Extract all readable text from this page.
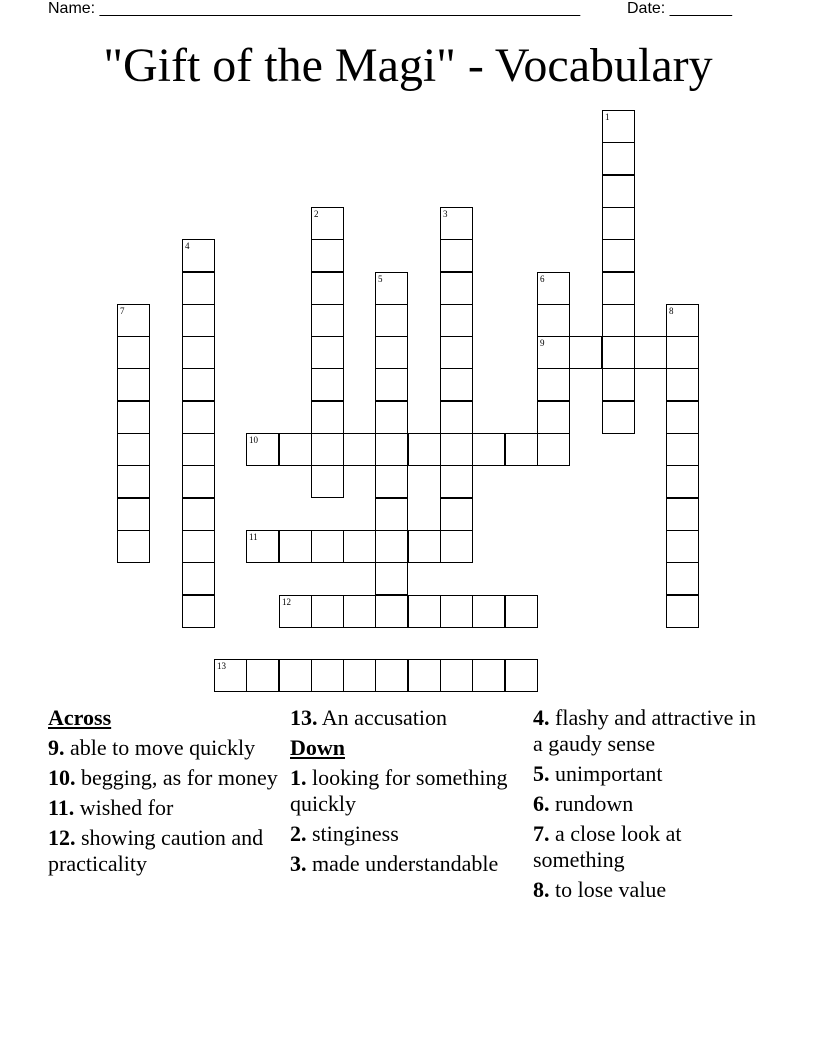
Name: ______________________________________________________	Date: _______
"Gift of the Magi" - Vocabulary
1
2	3
4
5	6
9
7	8
10
11
12
13
Across
9. able to move quickly
10. begging, as for money
11. wished for
12. showing caution and practicality
13. An accusation
Down
1. looking for something quickly
2. stinginess
3. made understandable
4. flashy and attractive in a gaudy sense
5. unimportant
6. rundown
7. a close look at something
8. to lose value
